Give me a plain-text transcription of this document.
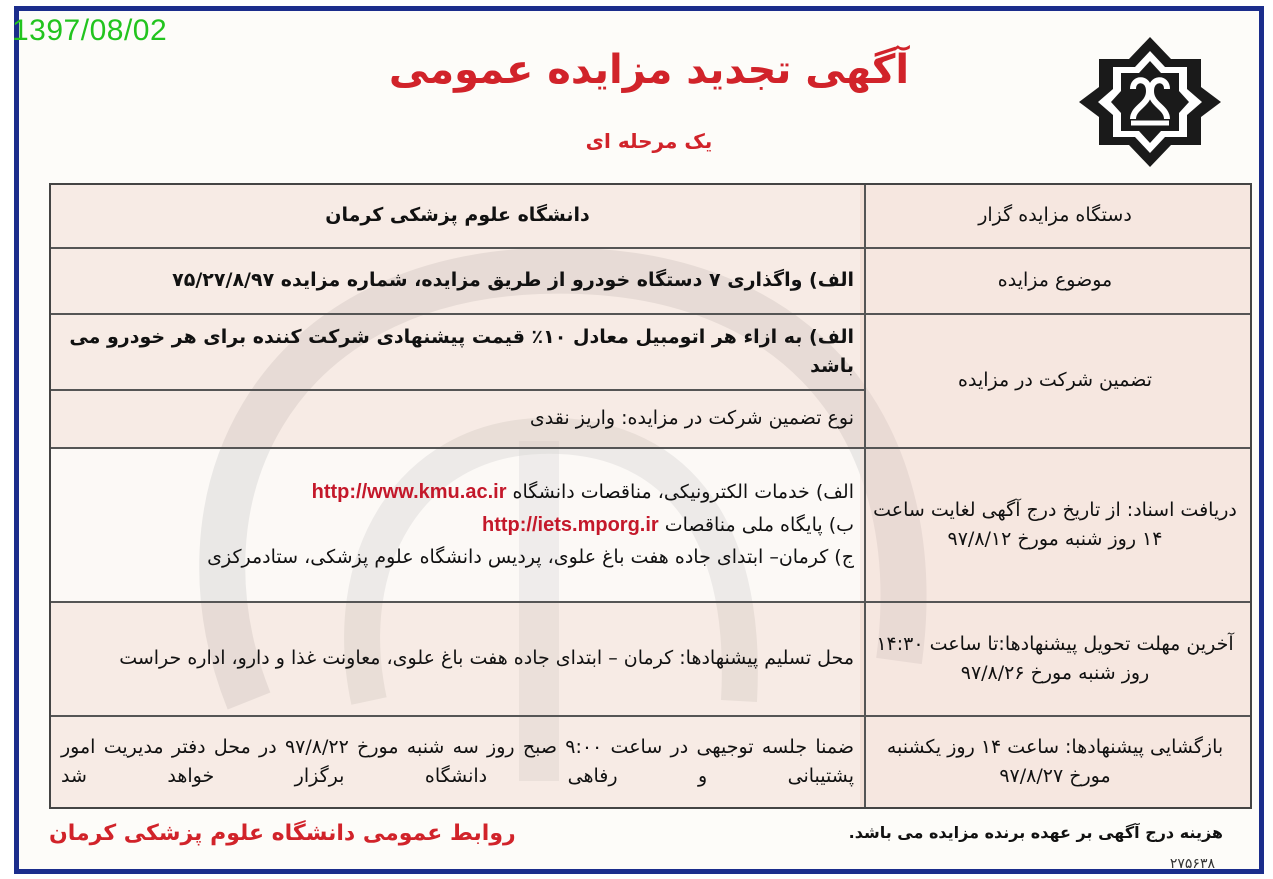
1397/08/02
آگهی تجدید مزایده عمومی
یک مرحله ای
دستگاه مزایده گزار
دانشگاه علوم پزشکی کرمان
موضوع مزایده
الف) واگذاری ۷ دستگاه خودرو از طریق مزایده، شماره مزایده ۷۵/۲۷/۸/۹۷
تضمین شرکت در مزایده
الف) به ازاء هر اتومبیل معادل ۱۰٪ قیمت پیشنهادی شرکت کننده برای هر خودرو می باشد
نوع تضمین شرکت در مزایده: واریز نقدی
دریافت اسناد: از تاریخ درج آگهی لغایت ساعت ۱۴ روز شنبه مورخ ۹۷/۸/۱۲
الف) خدمات الکترونیکی، مناقصات دانشگاه http://www.kmu.ac.ir
ب) پایگاه ملی مناقصات http://iets.mporg.ir
ج) کرمان– ابتدای جاده هفت باغ علوی، پردیس دانشگاه علوم پزشکی، ستادمرکزی
آخرین مهلت تحویل پیشنهادها:تا ساعت ۱۴:۳۰ روز شنبه مورخ ۹۷/۸/۲۶
محل تسلیم پیشنهادها: کرمان – ابتدای جاده هفت باغ علوی، معاونت غذا و دارو، اداره حراست
بازگشایی پیشنهادها: ساعت ۱۴ روز یکشنبه مورخ ۹۷/۸/۲۷
ضمنا جلسه توجیهی در ساعت ۹:۰۰ صبح روز سه شنبه مورخ ۹۷/۸/۲۲ در محل دفتر مدیریت امور پشتیبانی و رفاهی دانشگاه برگزار خواهد شد
روابط عمومی دانشگاه علوم پزشکی کرمان	هزینه درج آگهی بر عهده برنده مزایده می باشد.
۲۷۵۶۳۸
